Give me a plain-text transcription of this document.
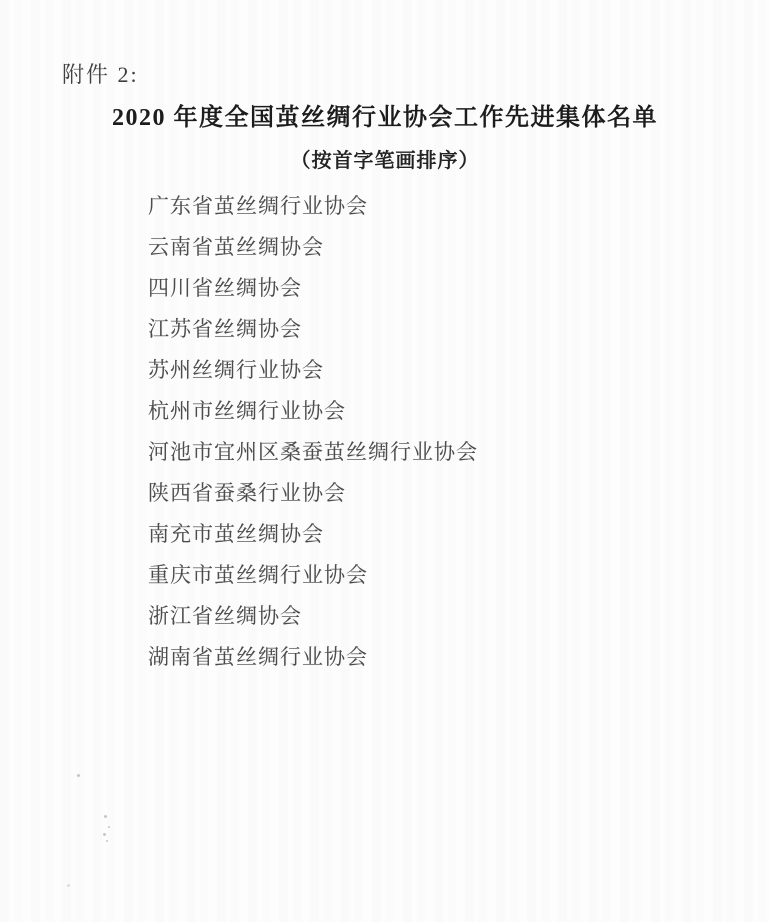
附件 2:
2020 年度全国茧丝绸行业协会工作先进集体名单
（按首字笔画排序）
广东省茧丝绸行业协会
云南省茧丝绸协会
四川省丝绸协会
江苏省丝绸协会
苏州丝绸行业协会
杭州市丝绸行业协会
河池市宜州区桑蚕茧丝绸行业协会
陕西省蚕桑行业协会
南充市茧丝绸协会
重庆市茧丝绸行业协会
浙江省丝绸协会
湖南省茧丝绸行业协会
